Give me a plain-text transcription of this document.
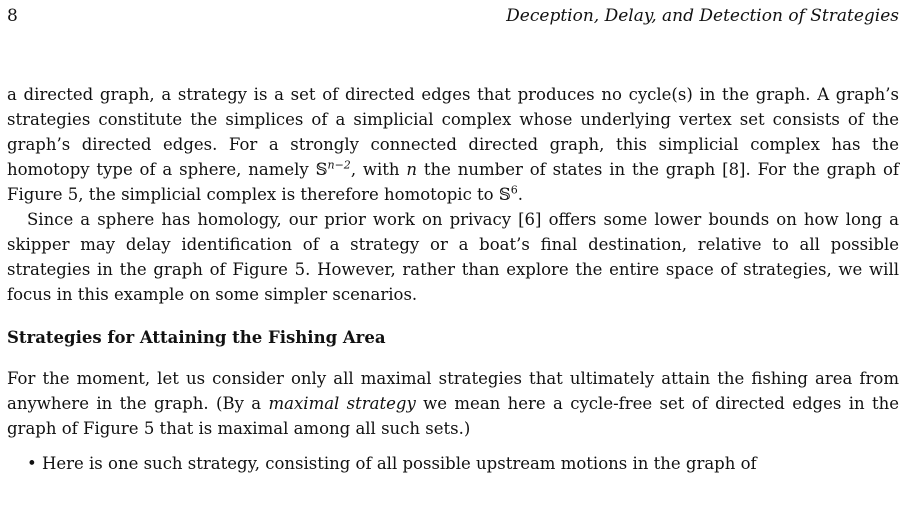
8	Deception, Delay, and Detection of Strategies

a directed graph, a strategy is a set of directed edges that produces no cycle(s) in the graph. A graph’s strategies constitute the simplices of a simplicial complex whose underlying vertex set consists of the graph’s directed edges. For a strongly connected directed graph, this simplicial complex has the homotopy type of a sphere, namely 𝕊$^{n-2}$, with n the number of states in the graph [8]. For the graph of Figure 5, the simplicial complex is therefore homotopic to 𝕊$^6$.

Since a sphere has homology, our prior work on privacy [6] offers some lower bounds on how long a skipper may delay identification of a strategy or a boat’s final destination, relative to all possible strategies in the graph of Figure 5. However, rather than explore the entire space of strategies, we will focus in this example on some simpler scenarios.

Strategies for Attaining the Fishing Area

For the moment, let us consider only all maximal strategies that ultimately attain the fishing area from anywhere in the graph. (By a maximal strategy we mean here a cycle-free set of directed edges in the graph of Figure 5 that is maximal among all such sets.)

• Here is one such strategy, consisting of all possible upstream motions in the graph of
